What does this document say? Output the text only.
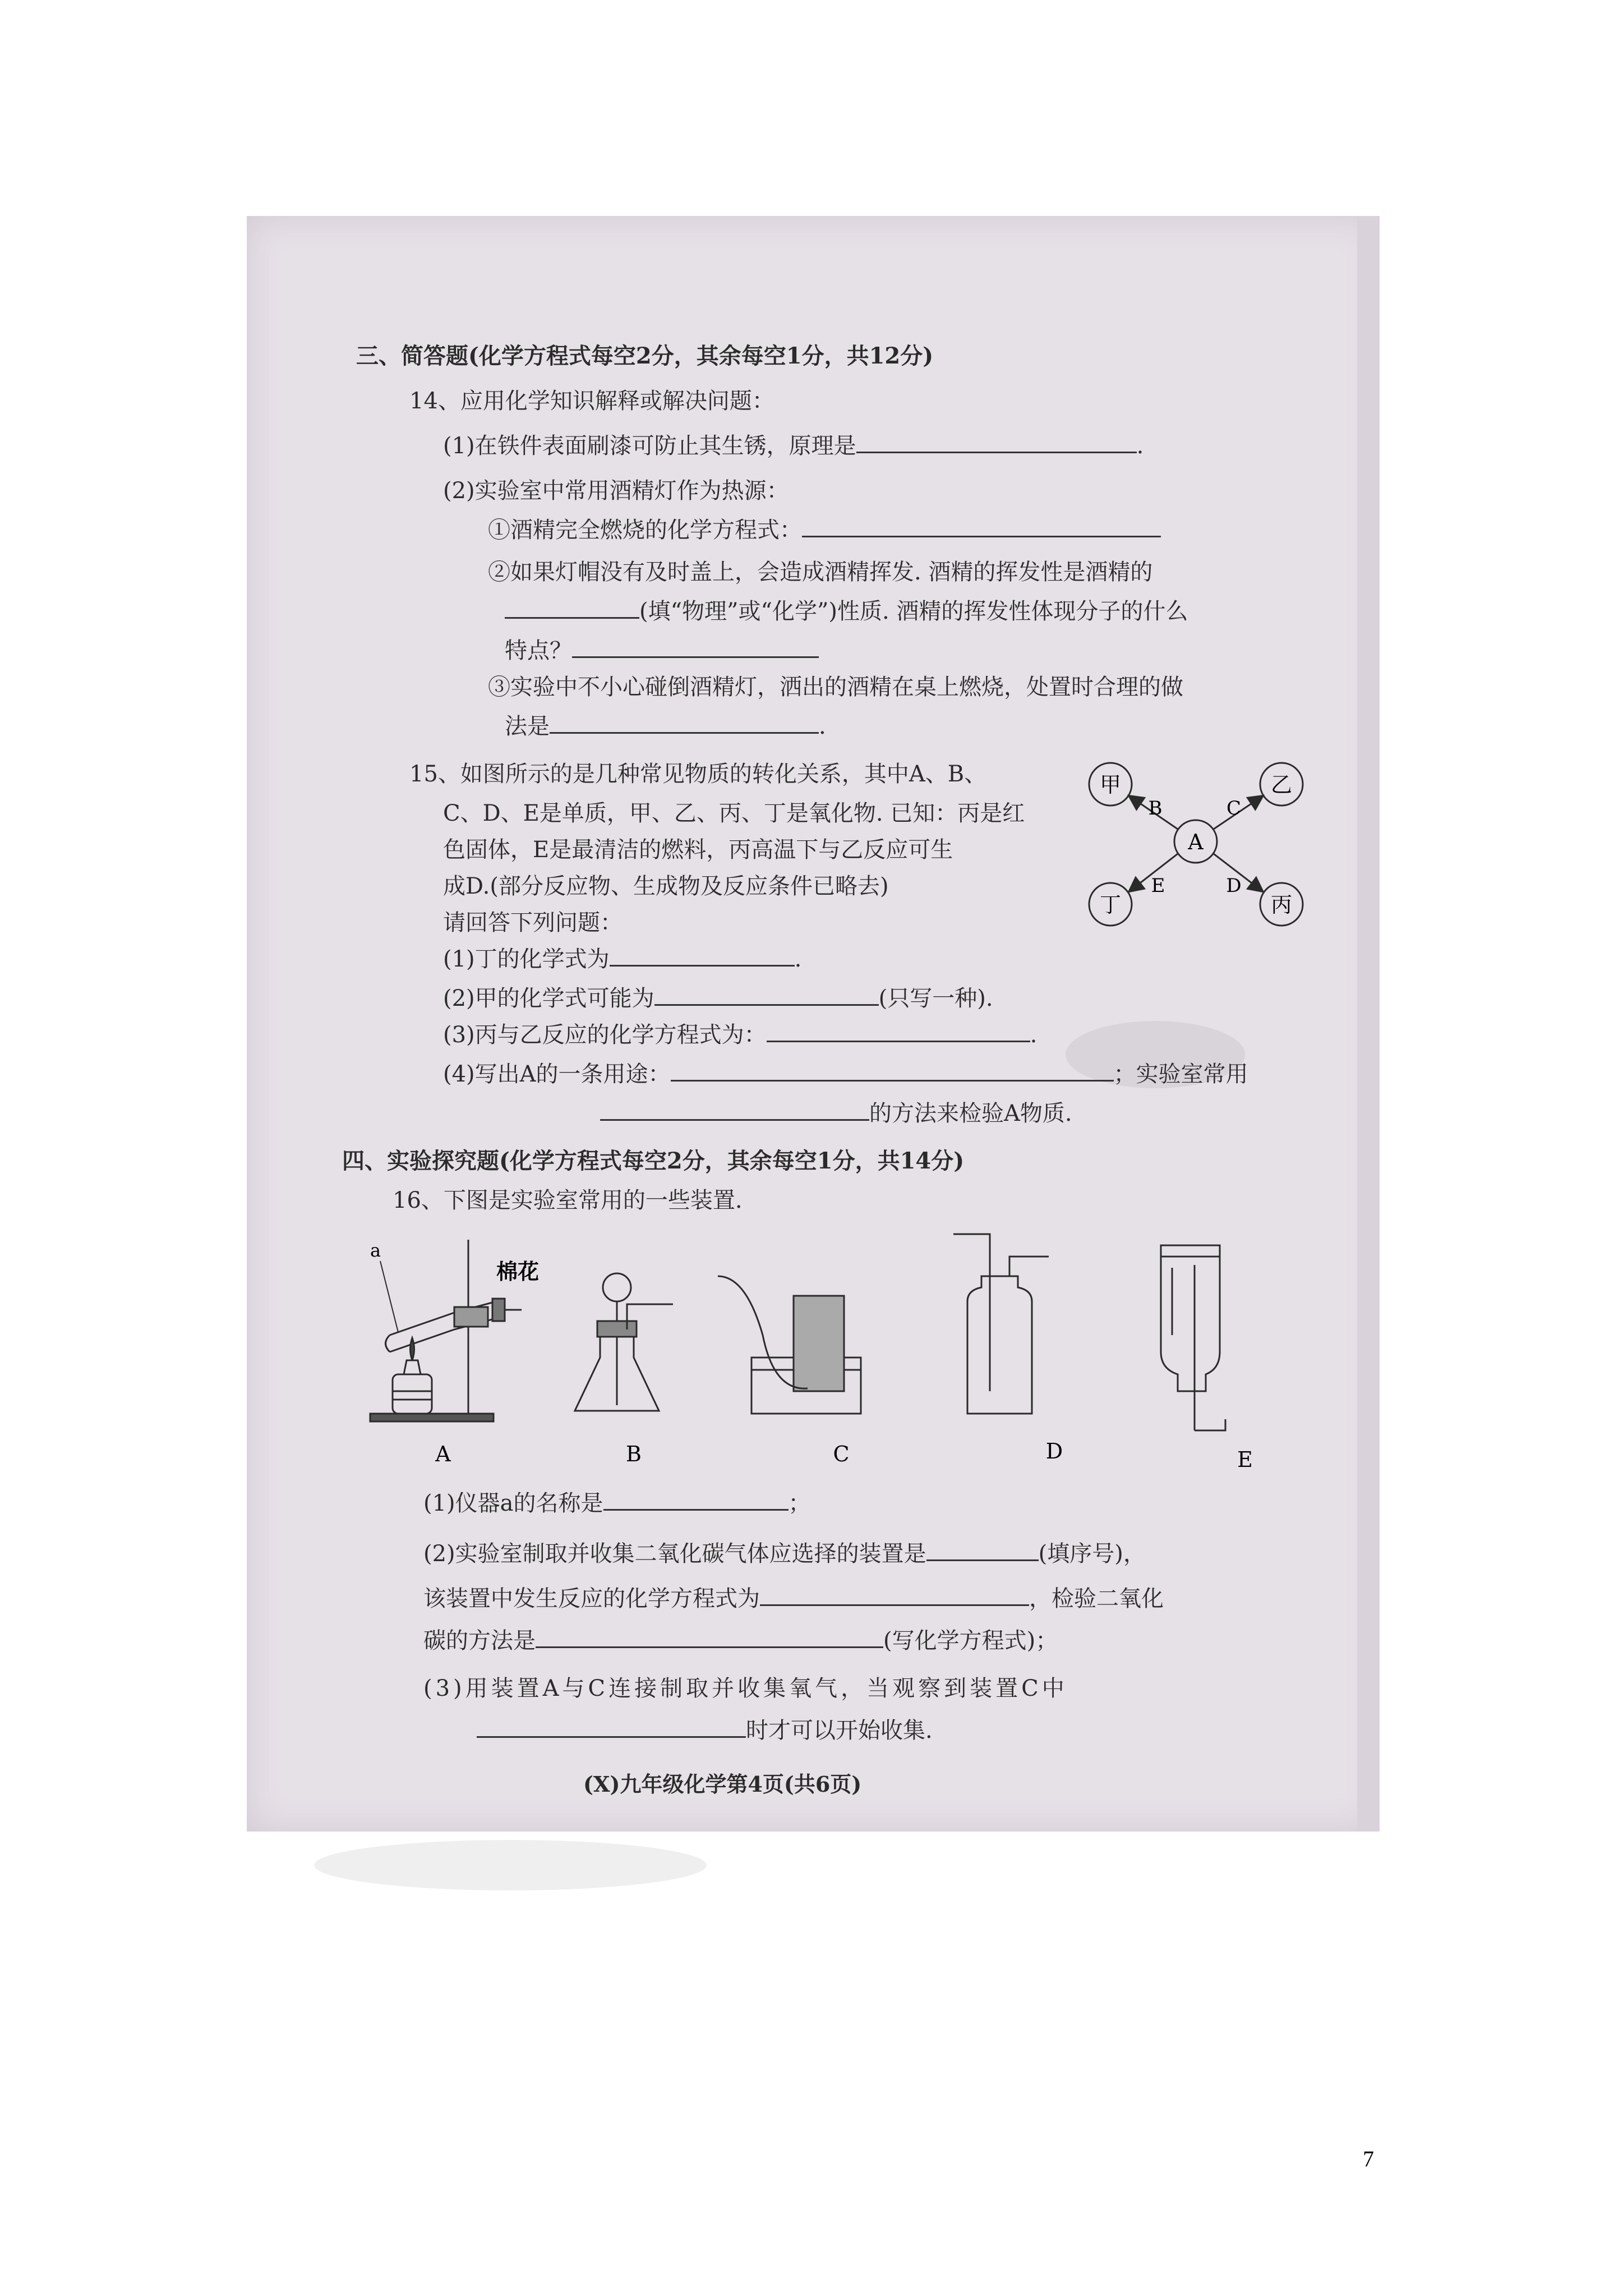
三、简答题(化学方程式每空2分，其余每空1分，共12分)
14、应用化学知识解释或解决问题：
(1)在铁件表面刷漆可防止其生锈，原理是	.
(2)实验室中常用酒精灯作为热源：
①酒精完全燃烧的化学方程式：
②如果灯帽没有及时盖上，会造成酒精挥发. 酒精的挥发性是酒精的
(填“物理”或“化学”)性质. 酒精的挥发性体现分子的什么
特点？
③实验中不小心碰倒酒精灯，洒出的酒精在桌上燃烧，处置时合理的做
法是	.
15、如图所示的是几种常见物质的转化关系，其中A、B、
C、D、E是单质，甲、乙、丙、丁是氧化物. 已知：丙是红
色固体，E是最清洁的燃料，丙高温下与乙反应可生
成D.(部分反应物、生成物及反应条件已略去)
请回答下列问题：
(1)丁的化学式为	.
(2)甲的化学式可能为	(只写一种).
(3)丙与乙反应的化学方程式为：	.
(4)写出A的一条用途：	；实验室常用
的方法来检验A物质.
甲	乙
A
丁	丙
B	C
E	D
四、实验探究题(化学方程式每空2分，其余每空1分，共14分)
16、下图是实验室常用的一些装置.
a
棉花
A	B	C	D	E
(1)仪器a的名称是	；
(2)实验室制取并收集二氧化碳气体应选择的装置是	(填序号)，
该装置中发生反应的化学方程式为	，检验二氧化
碳的方法是	(写化学方程式)；
(3)用装置A与C连接制取并收集氧气，当观察到装置C中
时才可以开始收集.
(X)九年级化学第4页(共6页)
7
